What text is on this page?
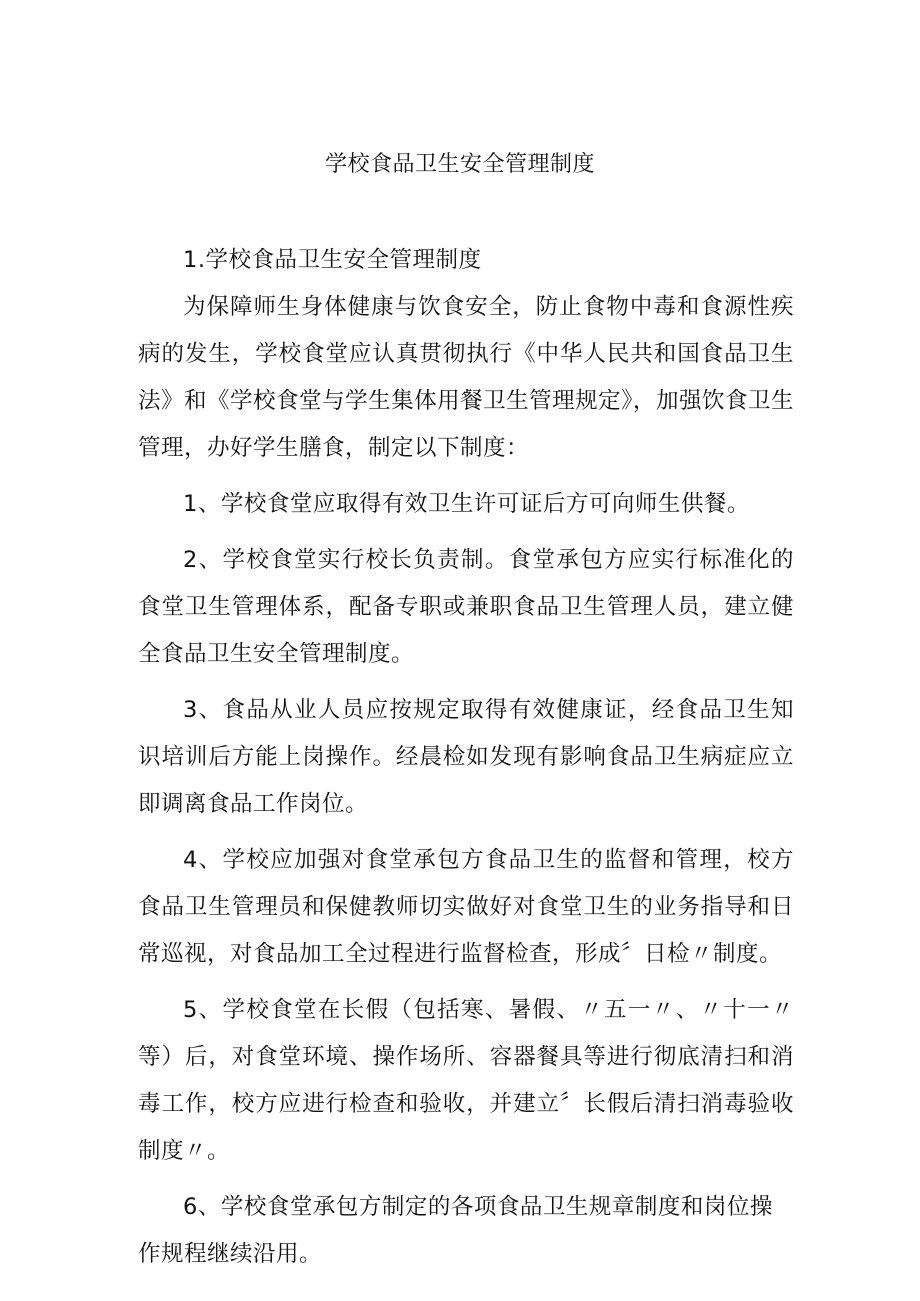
学校食品卫生安全管理制度

1.学校食品卫生安全管理制度

为保障师生身体健康与饮食安全，防止食物中毒和食源性疾病的发生，学校食堂应认真贯彻执行《中华人民共和国食品卫生法》和《学校食堂与学生集体用餐卫生管理规定》，加强饮食卫生管理，办好学生膳食，制定以下制度：

1、学校食堂应取得有效卫生许可证后方可向师生供餐。

2、学校食堂实行校长负责制。食堂承包方应实行标准化的食堂卫生管理体系，配备专职或兼职食品卫生管理人员，建立健全食品卫生安全管理制度。

3、食品从业人员应按规定取得有效健康证，经食品卫生知识培训后方能上岗操作。经晨检如发现有影响食品卫生病症应立即调离食品工作岗位。

4、学校应加强对食堂承包方食品卫生的监督和管理，校方食品卫生管理员和保健教师切实做好对食堂卫生的业务指导和日常巡视，对食品加工全过程进行监督检查，形成〞日检〃制度。

5、学校食堂在长假（包括寒、暑假、〃五一〃、〃十一〃等）后，对食堂环境、操作场所、容器餐具等进行彻底清扫和消毒工作，校方应进行检查和验收，并建立〞长假后清扫消毒验收制度〃。

6、学校食堂承包方制定的各项食品卫生规章制度和岗位操作规程继续沿用。
